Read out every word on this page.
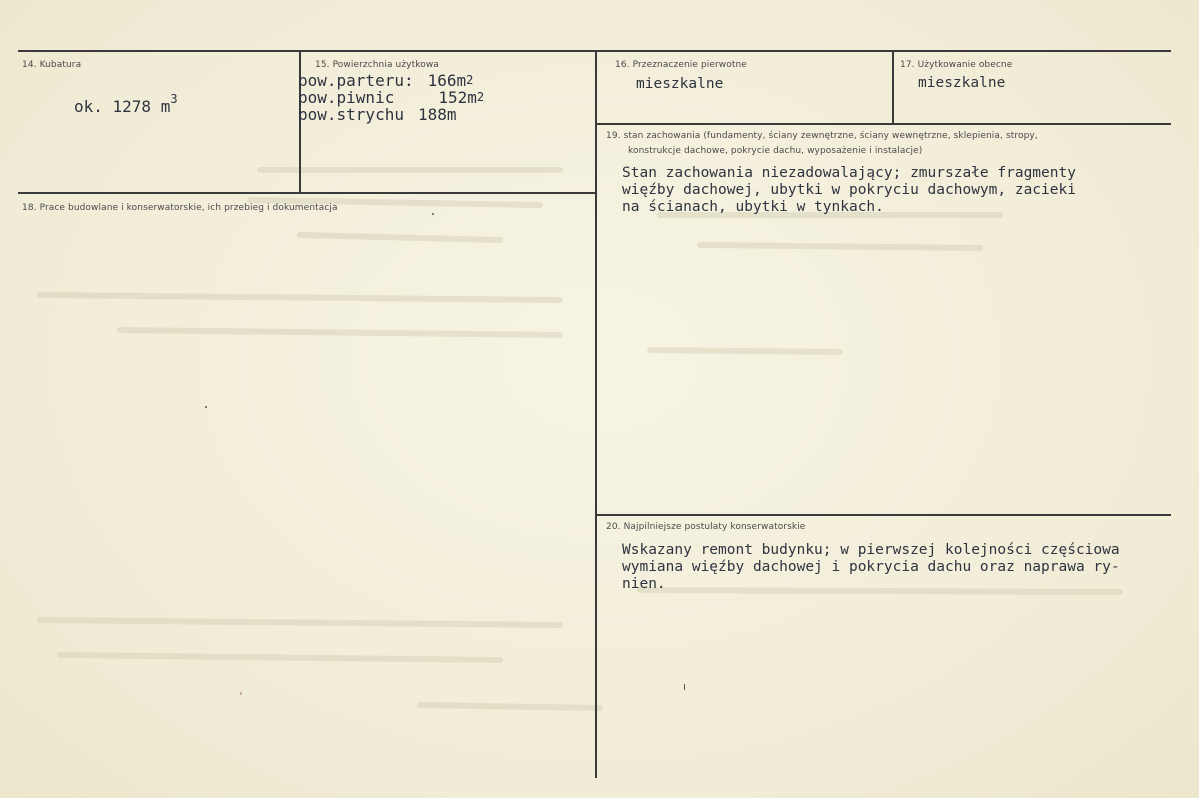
14. Kubatura
ok. 1278 $m^3$
15. Powierzchnia użytkowa
pow.parteru: 166m2
pow.piwnic	152m2
pow.strychu 188m
16. Przeznaczenie pierwotne
mieszkalne
17. Użytkowanie obecne
mieszkalne
18. Prace budowlane i konserwatorskie, ich przebieg i dokumentacja
19. stan zachowania (fundamenty, ściany zewnętrzne, ściany wewnętrzne, sklepienia, stropy,
konstrukcje dachowe, pokrycie dachu, wyposażenie i instalacje)
Stan zachowania niezadowalający; zmurszałe fragmenty
więźby dachowej, ubytki w pokryciu dachowym, zacieki
na ścianach, ubytki w tynkach.
20. Najpilniejsze postulaty konserwatorskie
Wskazany remont budynku; w pierwszej kolejności częściowa
wymiana więźby dachowej i pokrycia dachu oraz naprawa ry-
nien.
